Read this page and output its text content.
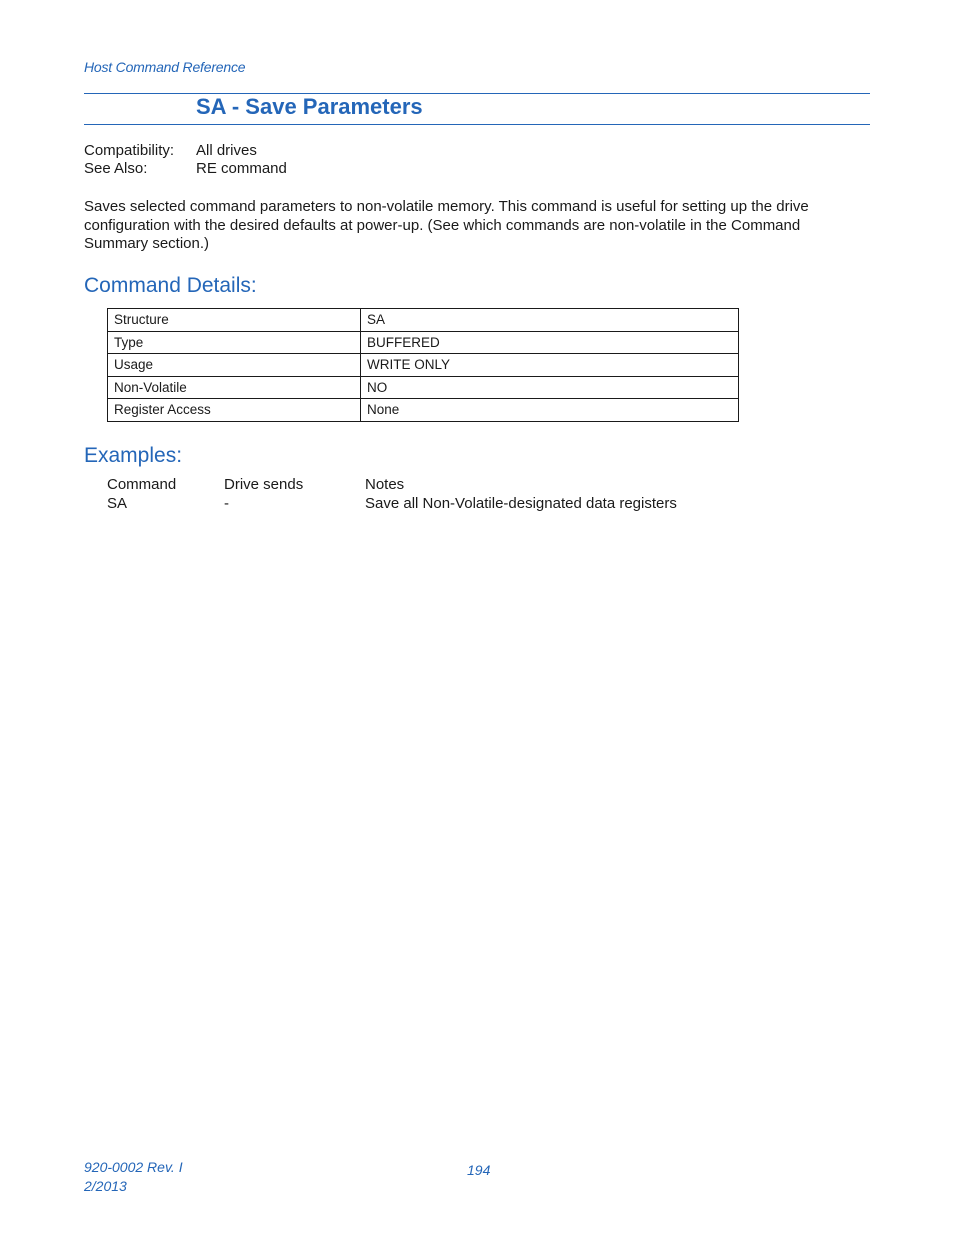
Host Command Reference
SA - Save Parameters
Compatibility: All drives
See Also:	RE command
Saves selected command parameters to non-volatile memory. This command is useful for setting up the drive
configuration with the desired defaults at power-up. (See which commands are non-volatile in the Command
Summary section.)
Command Details:
Structure	SA
Type	BUFFERED
Usage	WRITE ONLY
Non-Volatile	NO
Register Access	None
Examples:
Command	Drive sends	Notes
SA	-	Save all Non-Volatile-designated data registers
920-0002 Rev. I
2/2013
194
